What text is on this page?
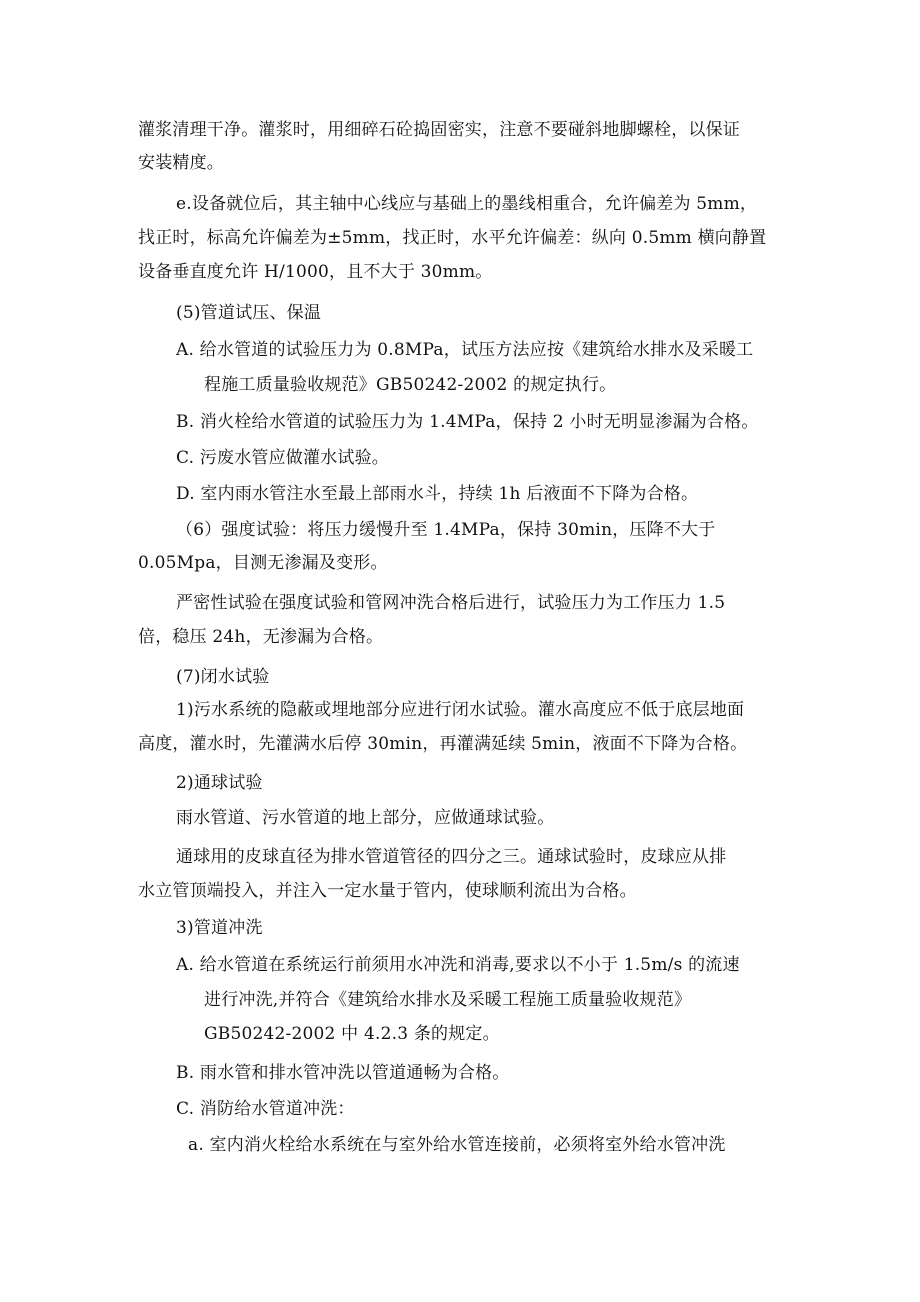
灌浆清理干净。灌浆时，用细碎石砼捣固密实，注意不要碰斜地脚螺栓，以保证
安装精度。
e.设备就位后，其主轴中心线应与基础上的墨线相重合，允许偏差为 5mm，
找正时，标高允许偏差为±5mm，找正时，水平允许偏差：纵向 0.5mm 横向静置
设备垂直度允许 H/1000，且不大于 30mm。
(5)管道试压、保温
A. 给水管道的试验压力为 0.8MPa，试压方法应按《建筑给水排水及采暖工
程施工质量验收规范》GB50242-2002 的规定执行。
B. 消火栓给水管道的试验压力为 1.4MPa，保持 2 小时无明显渗漏为合格。
C. 污废水管应做灌水试验。
D. 室内雨水管注水至最上部雨水斗，持续 1h 后液面不下降为合格。
（6）强度试验：将压力缓慢升至 1.4MPa，保持 30min，压降不大于
0.05Mpa，目测无渗漏及变形。
严密性试验在强度试验和管网冲洗合格后进行，试验压力为工作压力 1.5
倍，稳压 24h，无渗漏为合格。
(7)闭水试验
1)污水系统的隐蔽或埋地部分应进行闭水试验。灌水高度应不低于底层地面
高度，灌水时，先灌满水后停 30min，再灌满延续 5min，液面不下降为合格。
2)通球试验
雨水管道、污水管道的地上部分，应做通球试验。
通球用的皮球直径为排水管道管径的四分之三。通球试验时，皮球应从排
水立管顶端投入，并注入一定水量于管内，使球顺利流出为合格。
3)管道冲洗
A. 给水管道在系统运行前须用水冲洗和消毒,要求以不小于 1.5m/s 的流速
进行冲洗,并符合《建筑给水排水及采暖工程施工质量验收规范》
GB50242-2002 中 4.2.3 条的规定。
B. 雨水管和排水管冲洗以管道通畅为合格。
C. 消防给水管道冲洗：
a. 室内消火栓给水系统在与室外给水管连接前，必须将室外给水管冲洗
